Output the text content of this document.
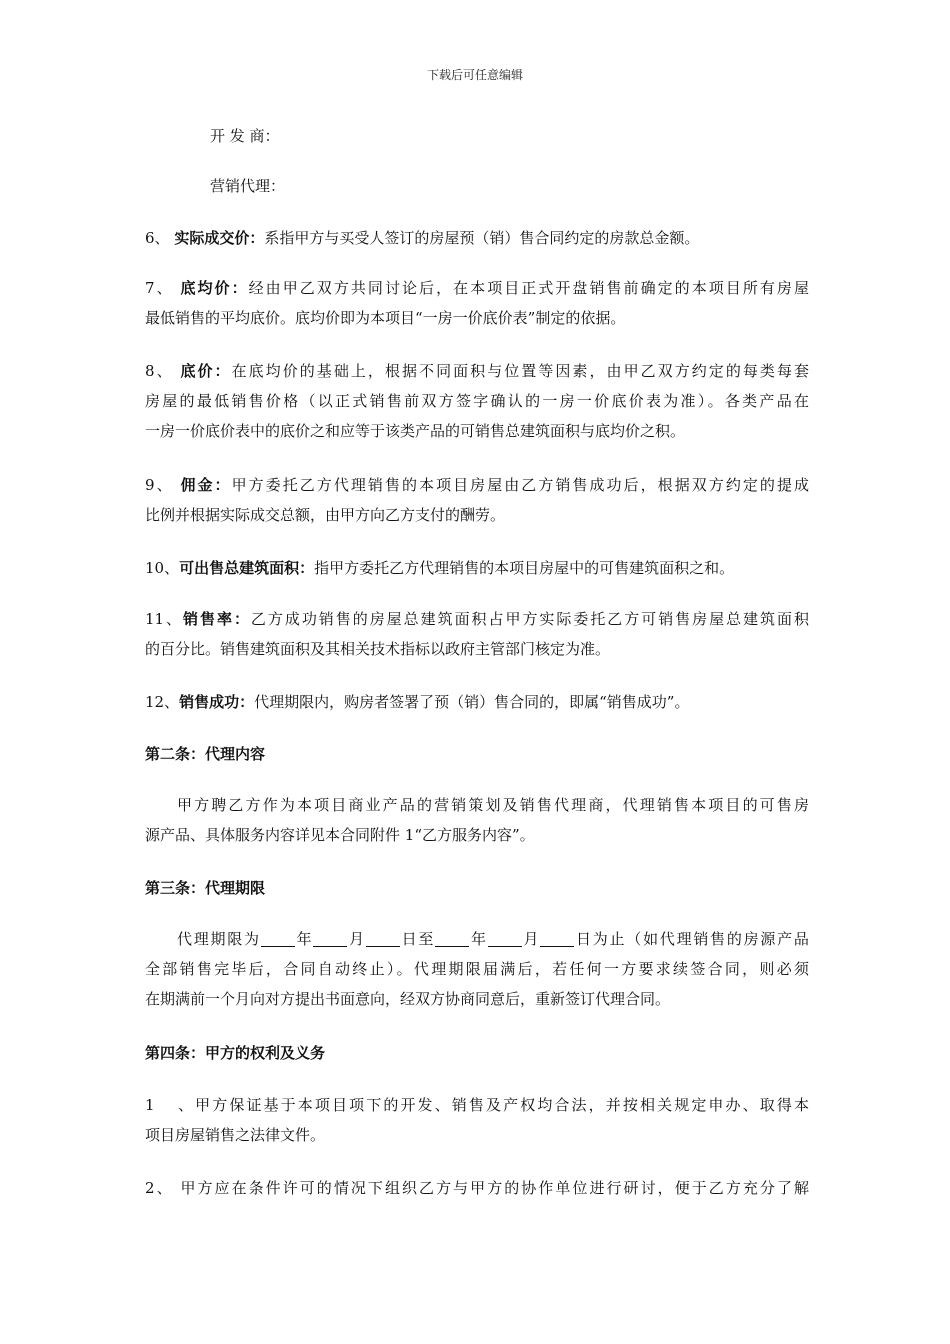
下载后可任意编辑
开 发 商：
营销代理：
6、 实际成交价：系指甲方与买受人签订的房屋预（销）售合同约定的房款总金额。
7、 底均价：经由甲乙双方共同讨论后，在本项目正式开盘销售前确定的本项目所有房屋
最低销售的平均底价。底均价即为本项目“一房一价底价表”制定的依据。
8、 底价：在底均价的基础上，根据不同面积与位置等因素，由甲乙双方约定的每类每套
房屋的最低销售价格（以正式销售前双方签字确认的一房一价底价表为准）。各类产品在
一房一价底价表中的底价之和应等于该类产品的可销售总建筑面积与底均价之积。
9、 佣金：甲方委托乙方代理销售的本项目房屋由乙方销售成功后，根据双方约定的提成
比例并根据实际成交总额，由甲方向乙方支付的酬劳。
10、可出售总建筑面积：指甲方委托乙方代理销售的本项目房屋中的可售建筑面积之和。
11、销售率：乙方成功销售的房屋总建筑面积占甲方实际委托乙方可销售房屋总建筑面积
的百分比。销售建筑面积及其相关技术指标以政府主管部门核定为准。
12、销售成功：代理期限内，购房者签署了预（销）售合同的，即属“销售成功”。
第二条：代理内容
甲方聘乙方作为本项目商业产品的营销策划及销售代理商，代理销售本项目的可售房
源产品、具体服务内容详见本合同附件 1“乙方服务内容”。
第三条：代理期限
代理期限为 年 月 日至 年 月 日为止（如代理销售的房源产品
全部销售完毕后，合同自动终止）。代理期限届满后，若任何一方要求续签合同，则必须
在期满前一个月向对方提出书面意向，经双方协商同意后，重新签订代理合同。
第四条：甲方的权利及义务
1、甲方保证基于本项目项下的开发、销售及产权均合法，并按相关规定申办、取得本
项目房屋销售之法律文件。
2、 甲方应在条件许可的情况下组织乙方与甲方的协作单位进行研讨，便于乙方充分了解
